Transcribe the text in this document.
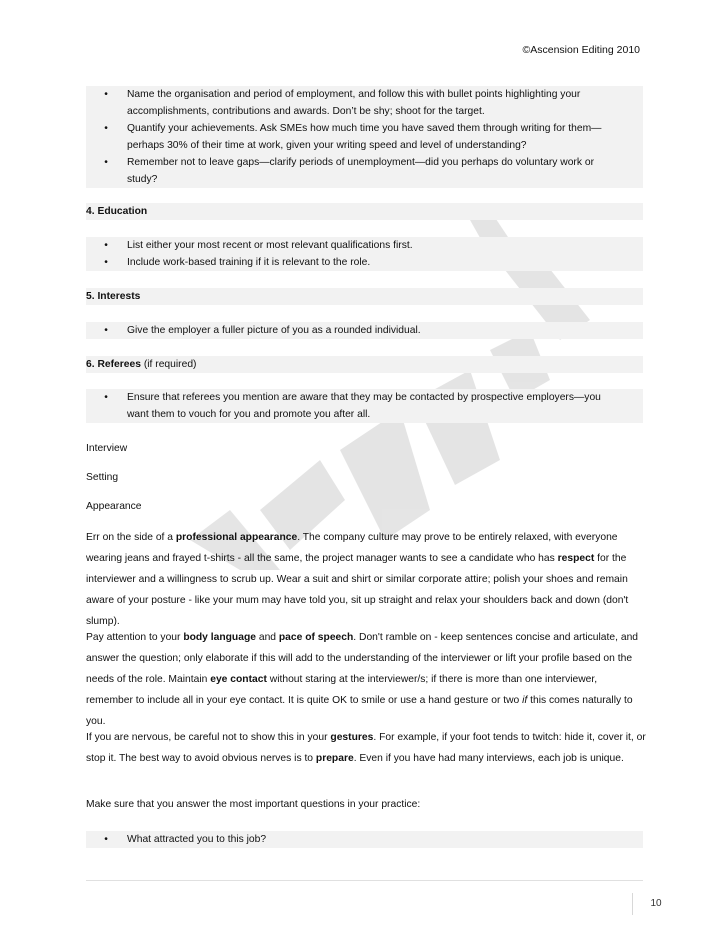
©Ascension Editing 2010
• Name the organisation and period of employment, and follow this with bullet points highlighting your
accomplishments, contributions and awards. Don’t be shy; shoot for the target.
• Quantify your achievements. Ask SMEs how much time you have saved them through writing for them—
perhaps 30% of their time at work, given your writing speed and level of understanding?
• Remember not to leave gaps—clarify periods of unemployment—did you perhaps do voluntary work or
study?
4. Education
• List either your most recent or most relevant qualifications first.
• Include work-based training if it is relevant to the role.
5. Interests
• Give the employer a fuller picture of you as a rounded individual.
6. Referees (if required)
• Ensure that referees you mention are aware that they may be contacted by prospective employers—you
want them to vouch for you and promote you after all.
Interview
Setting
Appearance

Err on the side of a professional appearance. The company culture may prove to be entirely relaxed, with everyone wearing jeans and frayed t-shirts - all the same, the project manager wants to see a candidate who has respect for the interviewer and a willingness to scrub up. Wear a suit and shirt or similar corporate attire; polish your shoes and remain aware of your posture - like your mum may have told you, sit up straight and relax your shoulders back and down (don't slump).

Pay attention to your body language and pace of speech. Don't ramble on - keep sentences concise and articulate, and answer the question; only elaborate if this will add to the understanding of the interviewer or lift your profile based on the needs of the role. Maintain eye contact without staring at the interviewer/s; if there is more than one interviewer, remember to include all in your eye contact. It is quite OK to smile or use a hand gesture or two if this comes naturally to you.

If you are nervous, be careful not to show this in your gestures. For example, if your foot tends to twitch: hide it, cover it, or stop it. The best way to avoid obvious nerves is to prepare. Even if you have had many interviews, each job is unique.

Make sure that you answer the most important questions in your practice:

• What attracted you to this job?
10
